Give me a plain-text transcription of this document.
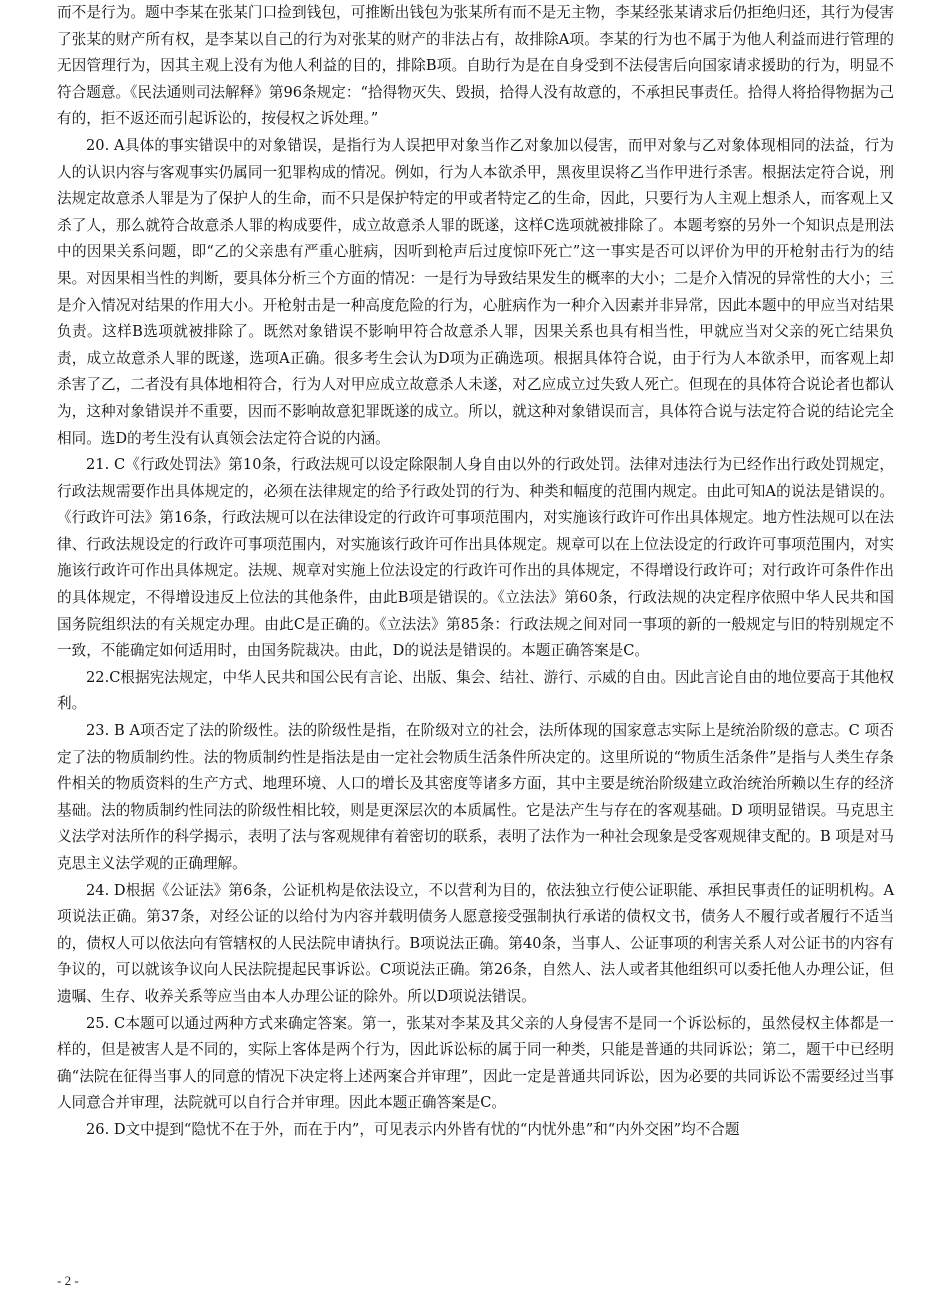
而不是行为。题中李某在张某门口捡到钱包，可推断出钱包为张某所有而不是无主物，李某经张某请求后仍拒绝归还，其行为侵害了张某的财产所有权，是李某以自己的行为对张某的财产的非法占有，故排除A项。李某的行为也不属于为他人利益而进行管理的无因管理行为，因其主观上没有为他人利益的目的，排除B项。自助行为是在自身受到不法侵害后向国家请求援助的行为，明显不符合题意。《民法通则司法解释》第96条规定：“拾得物灭失、毁损，拾得人没有故意的，不承担民事责任。拾得人将拾得物据为己有的，拒不返还而引起诉讼的，按侵权之诉处理。”

20. A具体的事实错误中的对象错误，是指行为人误把甲对象当作乙对象加以侵害，而甲对象与乙对象体现相同的法益，行为人的认识内容与客观事实仍属同一犯罪构成的情况。例如，行为人本欲杀甲，黑夜里误将乙当作甲进行杀害。根据法定符合说，刑法规定故意杀人罪是为了保护人的生命，而不只是保护特定的甲或者特定乙的生命，因此，只要行为人主观上想杀人，而客观上又杀了人，那么就符合故意杀人罪的构成要件，成立故意杀人罪的既遂，这样C选项就被排除了。本题考察的另外一个知识点是刑法中的因果关系问题，即“乙的父亲患有严重心脏病，因听到枪声后过度惊吓死亡”这一事实是否可以评价为甲的开枪射击行为的结果。对因果相当性的判断，要具体分析三个方面的情况：一是行为导致结果发生的概率的大小；二是介入情况的异常性的大小；三是介入情况对结果的作用大小。开枪射击是一种高度危险的行为，心脏病作为一种介入因素并非异常，因此本题中的甲应当对结果负责。这样B选项就被排除了。既然对象错误不影响甲符合故意杀人罪，因果关系也具有相当性，甲就应当对父亲的死亡结果负责，成立故意杀人罪的既遂，选项A正确。很多考生会认为D项为正确选项。根据具体符合说，由于行为人本欲杀甲，而客观上却杀害了乙，二者没有具体地相符合，行为人对甲应成立故意杀人未遂，对乙应成立过失致人死亡。但现在的具体符合说论者也都认为，这种对象错误并不重要，因而不影响故意犯罪既遂的成立。所以，就这种对象错误而言，具体符合说与法定符合说的结论完全相同。选D的考生没有认真领会法定符合说的内涵。

21. C《行政处罚法》第10条，行政法规可以设定除限制人身自由以外的行政处罚。法律对违法行为已经作出行政处罚规定，行政法规需要作出具体规定的，必须在法律规定的给予行政处罚的行为、种类和幅度的范围内规定。由此可知A的说法是错误的。《行政许可法》第16条，行政法规可以在法律设定的行政许可事项范围内，对实施该行政许可作出具体规定。地方性法规可以在法律、行政法规设定的行政许可事项范围内，对实施该行政许可作出具体规定。规章可以在上位法设定的行政许可事项范围内，对实施该行政许可作出具体规定。法规、规章对实施上位法设定的行政许可作出的具体规定，不得增设行政许可；对行政许可条件作出的具体规定，不得增设违反上位法的其他条件，由此B项是错误的。《立法法》第60条，行政法规的决定程序依照中华人民共和国国务院组织法的有关规定办理。由此C是正确的。《立法法》第85条：行政法规之间对同一事项的新的一般规定与旧的特别规定不一致，不能确定如何适用时，由国务院裁决。由此，D的说法是错误的。本题正确答案是C。

22.C根据宪法规定，中华人民共和国公民有言论、出版、集会、结社、游行、示威的自由。因此言论自由的地位要高于其他权利。

23. B A项否定了法的阶级性。法的阶级性是指，在阶级对立的社会，法所体现的国家意志实际上是统治阶级的意志。C 项否定了法的物质制约性。法的物质制约性是指法是由一定社会物质生活条件所决定的。这里所说的“物质生活条件”是指与人类生存条件相关的物质资料的生产方式、地理环境、人口的增长及其密度等诸多方面，其中主要是统治阶级建立政治统治所赖以生存的经济基础。法的物质制约性同法的阶级性相比较，则是更深层次的本质属性。它是法产生与存在的客观基础。D 项明显错误。马克思主义法学对法所作的科学揭示，表明了法与客观规律有着密切的联系，表明了法作为一种社会现象是受客观规律支配的。B 项是对马克思主义法学观的正确理解。

24. D根据《公证法》第6条，公证机构是依法设立，不以营利为目的，依法独立行使公证职能、承担民事责任的证明机构。A项说法正确。第37条，对经公证的以给付为内容并载明债务人愿意接受强制执行承诺的债权文书，债务人不履行或者履行不适当的，债权人可以依法向有管辖权的人民法院申请执行。B项说法正确。第40条，当事人、公证事项的利害关系人对公证书的内容有争议的，可以就该争议向人民法院提起民事诉讼。C项说法正确。第26条，自然人、法人或者其他组织可以委托他人办理公证，但遗嘱、生存、收养关系等应当由本人办理公证的除外。所以D项说法错误。

25. C本题可以通过两种方式来确定答案。第一，张某对李某及其父亲的人身侵害不是同一个诉讼标的，虽然侵权主体都是一样的，但是被害人是不同的，实际上客体是两个行为，因此诉讼标的属于同一种类，只能是普通的共同诉讼；第二，题干中已经明确“法院在征得当事人的同意的情况下决定将上述两案合并审理”，因此一定是普通共同诉讼，因为必要的共同诉讼不需要经过当事人同意合并审理，法院就可以自行合并审理。因此本题正确答案是C。

26. D文中提到“隐忧不在于外，而在于内”，可见表示内外皆有忧的“内忧外患”和“内外交困”均不合题

- 2 -
